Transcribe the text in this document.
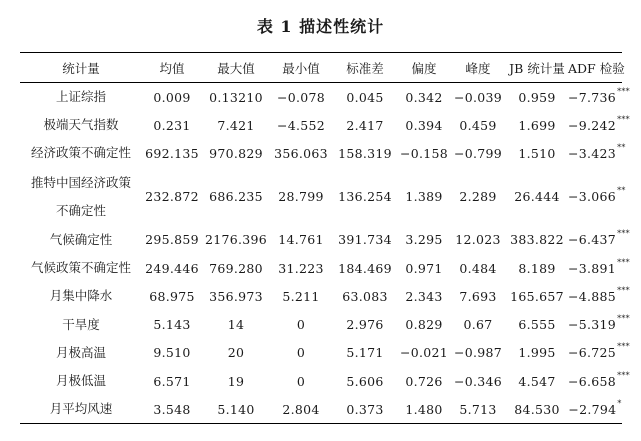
表 1 描述性统计
统计量	均值	最大值	最小值	标准差	偏度	峰度	JB 统计量	ADF 检验

上证综指	0.009	0.13210	−0.078	0.045	0.342	−0.039	0.959	−7.736***

极端天气指数	0.231	7.421	−4.552	2.417	0.394	0.459	1.699	−9.242***

经济政策不确定性	692.135	970.829	356.063	158.319	−0.158	−0.799	1.510	−3.423**

推特中国经济政策
不确定性	232.872	686.235	28.799	136.254	1.389	2.289	26.444	−3.066**

气候确定性	295.859	2176.396	14.761	391.734	3.295	12.023	383.822	−6.437***

气候政策不确定性	249.446	769.280	31.223	184.469	0.971	0.484	8.189	−3.891***

月集中降水	68.975	356.973	5.211	63.083	2.343	7.693	165.657	−4.885***

干旱度	5.143	14	0	2.976	0.829	0.67	6.555	−5.319***

月极高温	9.510	20	0	5.171	−0.021	−0.987	1.995	−6.725***

月极低温	6.571	19	0	5.606	0.726	−0.346	4.547	−6.658***

月平均风速	3.548	5.140	2.804	0.373	1.480	5.713	84.530	−2.794*
